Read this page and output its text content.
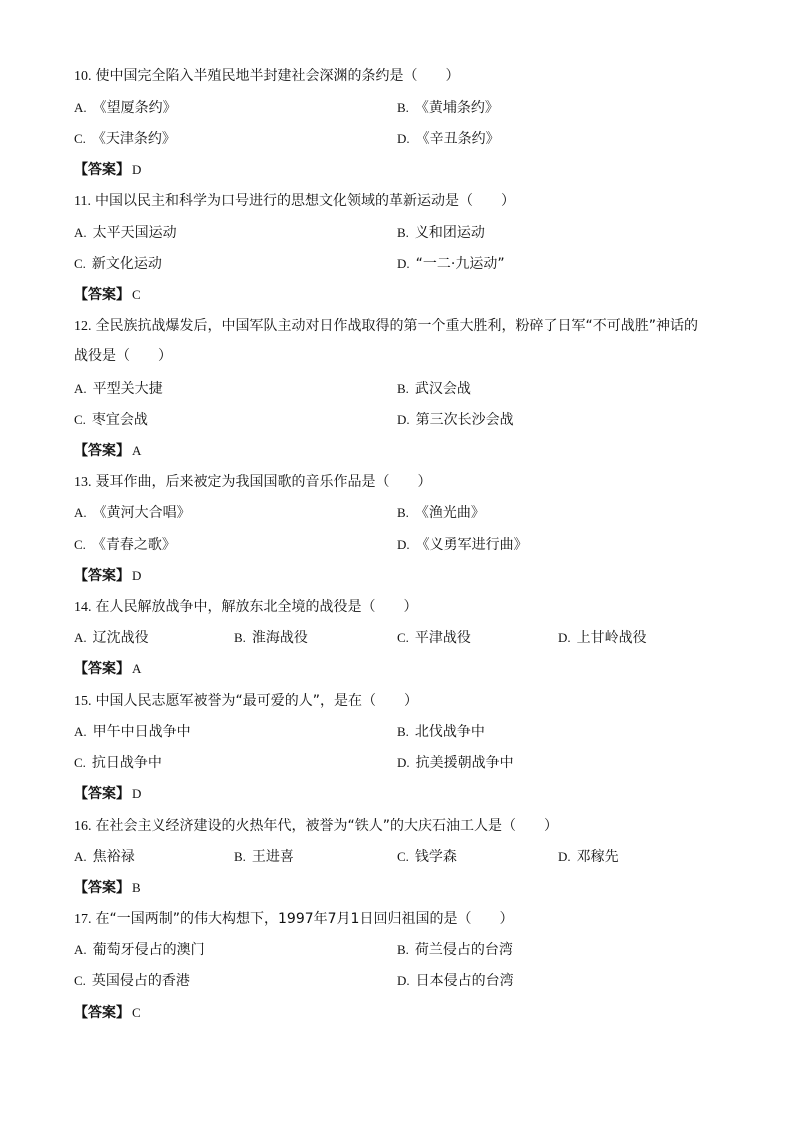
10. 使中国完全陷入半殖民地半封建社会深渊的条约是（　　）
A. 《望厦条约》	B. 《黄埔条约》
C. 《天津条约》	D. 《辛丑条约》
【答案】 D
11. 中国以民主和科学为口号进行的思想文化领域的革新运动是（　　）
A. 太平天国运动	B. 义和团运动
C. 新文化运动	D. “一二·九运动”
【答案】 C
12. 全民族抗战爆发后，中国军队主动对日作战取得的第一个重大胜利，粉碎了日军“不可战胜”神话的
战役是（　　）
A. 平型关大捷	B. 武汉会战
C. 枣宜会战	D. 第三次长沙会战
【答案】 A
13. 聂耳作曲，后来被定为我国国歌的音乐作品是（　　）
A. 《黄河大合唱》	B. 《渔光曲》
C. 《青春之歌》	D. 《义勇军进行曲》
【答案】 D
14. 在人民解放战争中，解放东北全境的战役是（　　）
A. 辽沈战役	B. 淮海战役	C. 平津战役	D. 上甘岭战役
【答案】 A
15. 中国人民志愿军被誉为“最可爱的人”，是在（　　）
A. 甲午中日战争中	B. 北伐战争中
C. 抗日战争中	D. 抗美援朝战争中
【答案】 D
16. 在社会主义经济建设的火热年代，被誉为“铁人”的大庆石油工人是（　　）
A. 焦裕禄	B. 王进喜	C. 钱学森	D. 邓稼先
【答案】 B
17. 在“一国两制”的伟大构想下，1997年7月1日回归祖国的是（　　）
A. 葡萄牙侵占的澳门	B. 荷兰侵占的台湾
C. 英国侵占的香港	D. 日本侵占的台湾
【答案】 C
